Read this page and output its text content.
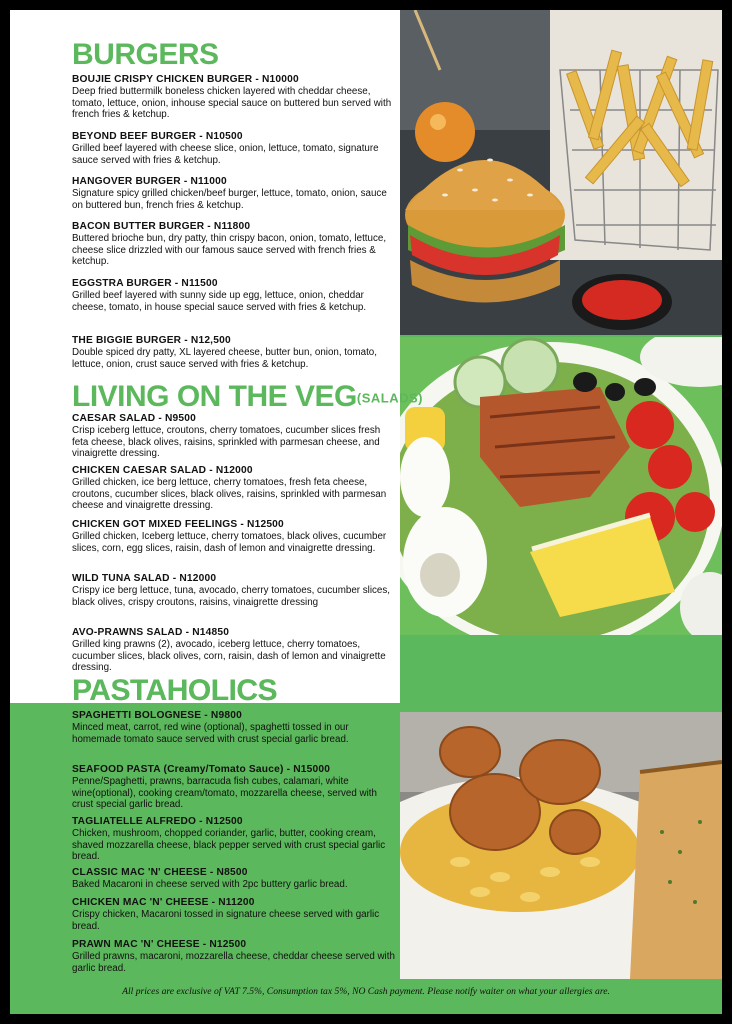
BURGERS
LIVING ON THE VEG(SALADS)
PASTAHOLICS
BOUJIE CRISPY CHICKEN BURGER - N10000
Deep fried buttermilk boneless chicken layered with cheddar cheese, tomato, lettuce, onion, inhouse special sauce on buttered bun served with french fries & ketchup.
BEYOND BEEF BURGER - N10500
Grilled beef layered with cheese slice, onion, lettuce, tomato, signature sauce served with fries & ketchup.
HANGOVER BURGER - N11000
Signature spicy grilled chicken/beef burger, lettuce, tomato, onion, sauce on buttered bun, french fries & ketchup.
BACON BUTTER BURGER - N11800
Buttered brioche bun, dry patty, thin crispy bacon, onion, tomato, lettuce, cheese slice drizzled with our famous sauce served with french fries & ketchup.
EGGSTRA BURGER - N11500
Grilled beef layered with sunny side up egg, lettuce, onion, cheddar cheese, tomato, in house special sauce served with fries & ketchup.
THE BIGGIE BURGER - N12,500
Double spiced dry patty, XL layered cheese, butter bun, onion, tomato, lettuce, onion, crust sauce served with fries & ketchup.
CAESAR SALAD - N9500
Crisp iceberg lettuce, croutons, cherry tomatoes, cucumber slices fresh feta cheese, black olives, raisins, sprinkled with parmesan cheese, and vinaigrette dressing.
CHICKEN CAESAR SALAD - N12000
Grilled chicken, ice berg lettuce, cherry tomatoes, fresh feta cheese, croutons, cucumber slices, black olives, raisins, sprinkled with parmesan cheese and vinaigrette dressing.
CHICKEN GOT MIXED FEELINGS - N12500
Grilled chicken, Iceberg lettuce, cherry tomatoes, black olives, cucumber slices, corn, egg slices, raisin, dash of lemon and vinaigrette dressing.
WILD TUNA SALAD - N12000
Crispy ice berg lettuce, tuna, avocado, cherry tomatoes, cucumber slices, black olives, crispy croutons, raisins, vinaigrette dressing
AVO-PRAWNS SALAD - N14850
Grilled king prawns (2), avocado, iceberg lettuce, cherry tomatoes, cucumber slices, black olives, corn, raisin, dash of lemon and vinaigrette dressing.
SPAGHETTI BOLOGNESE - N9800
Minced meat, carrot, red wine (optional), spaghetti tossed in our homemade tomato sauce served with crust special garlic bread.
SEAFOOD PASTA (Creamy/Tomato Sauce) - N15000
Penne/Spaghetti, prawns, barracuda fish cubes, calamari, white wine(optional), cooking cream/tomato, mozzarella cheese, served with crust special garlic bread.
TAGLIATELLE ALFREDO - N12500
Chicken, mushroom, chopped coriander, garlic, butter, cooking cream, shaved mozzarella cheese, black pepper served with crust special garlic bread.
CLASSIC MAC 'N' CHEESE - N8500
Baked Macaroni in cheese served with 2pc buttery garlic bread.
CHICKEN MAC 'N' CHEESE - N11200
Crispy chicken, Macaroni tossed in signature cheese served with garlic bread.
PRAWN MAC 'N' CHEESE - N12500
Grilled prawns, macaroni, mozzarella cheese, cheddar cheese served with garlic bread.
All prices are exclusive of VAT 7.5%, Consumption tax 5%, NO Cash payment. Please notify waiter on what your allergies are.
